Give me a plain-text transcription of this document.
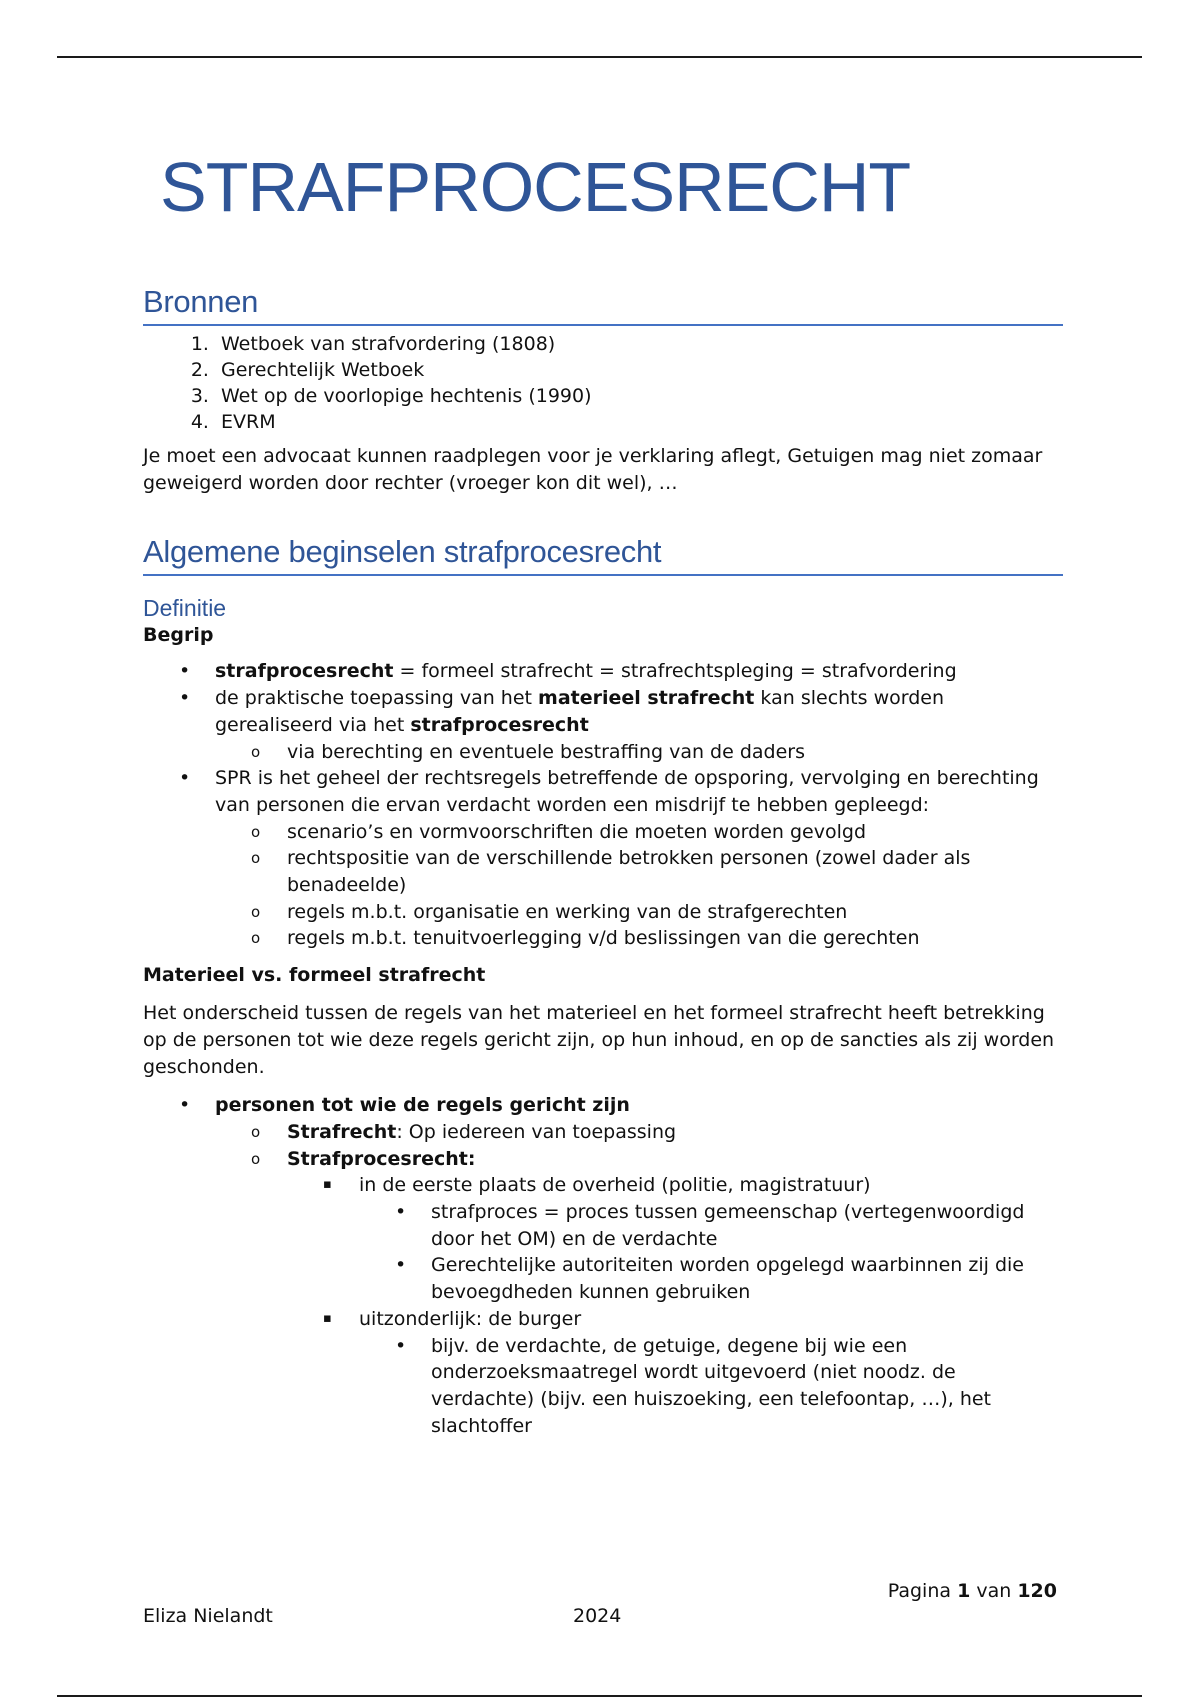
STRAFPROCESRECHT
Bronnen
1. Wetboek van strafvordering (1808)
2. Gerechtelijk Wetboek
3. Wet op de voorlopige hechtenis (1990)
4. EVRM

Je moet een advocaat kunnen raadplegen voor je verklaring aflegt, Getuigen mag niet zomaar geweigerd worden door rechter (vroeger kon dit wel), …

Algemene beginselen strafprocesrecht
Definitie
Begrip
• strafprocesrecht = formeel strafrecht = strafrechtspleging = strafvordering
• de praktische toepassing van het materieel strafrecht kan slechts worden gerealiseerd via het strafprocesrecht
o via berechting en eventuele bestraffing van de daders
• SPR is het geheel der rechtsregels betreffende de opsporing, vervolging en berechting van personen die ervan verdacht worden een misdrijf te hebben gepleegd:
o scenario’s en vormvoorschriften die moeten worden gevolgd
o rechtspositie van de verschillende betrokken personen (zowel dader als benadeelde)
o regels m.b.t. organisatie en werking van de strafgerechten
o regels m.b.t. tenuitvoerlegging v/d beslissingen van die gerechten
Materieel vs. formeel strafrecht

Het onderscheid tussen de regels van het materieel en het formeel strafrecht heeft betrekking op de personen tot wie deze regels gericht zijn, op hun inhoud, en op de sancties als zij worden geschonden.

• personen tot wie de regels gericht zijn
o Strafrecht: Op iedereen van toepassing
o Strafprocesrecht:
▪ in de eerste plaats de overheid (politie, magistratuur)
• strafproces = proces tussen gemeenschap (vertegenwoordigd door het OM) en de verdachte
• Gerechtelijke autoriteiten worden opgelegd waarbinnen zij die bevoegdheden kunnen gebruiken
▪ uitzonderlijk: de burger
• bijv. de verdachte, de getuige, degene bij wie een onderzoeksmaatregel wordt uitgevoerd (niet noodz. de verdachte) (bijv. een huiszoeking, een telefoontap, …), het slachtoffer
Pagina 1 van 120
Eliza Nielandt	2024
